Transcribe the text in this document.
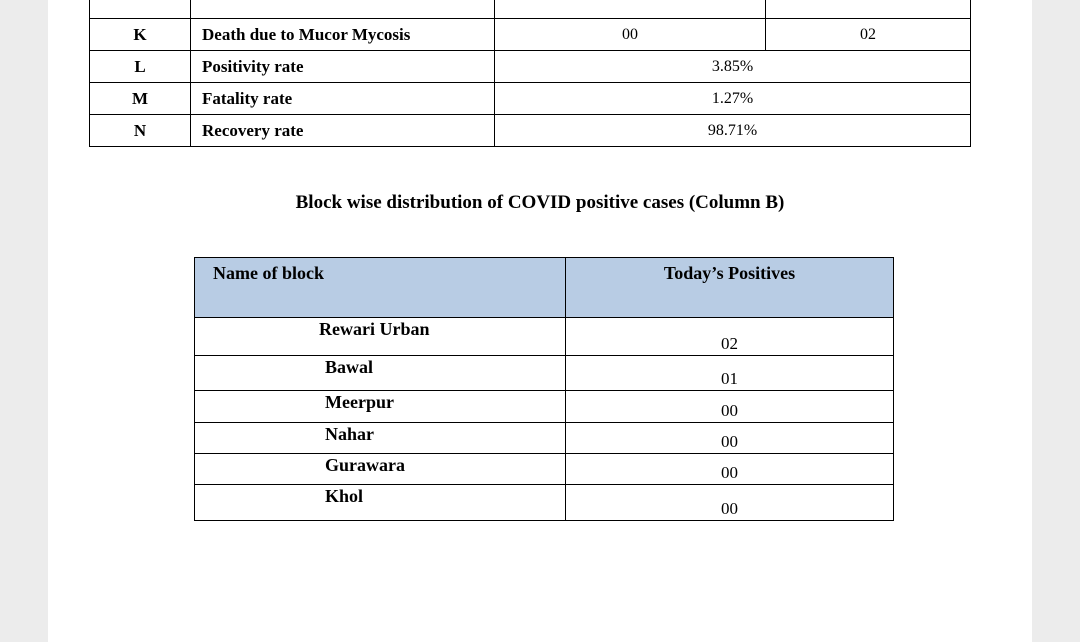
K	Death due to Mucor Mycosis	00	02
L	Positivity rate	3.85%	
M	Fatality rate	1.27%	
N	Recovery rate	98.71%	
Block wise distribution of COVID positive cases (Column B)
Name of block	Today’s Positives
Rewari Urban	02
Bawal	01
Meerpur	00
Nahar	00
Gurawara	00
Khol	00
